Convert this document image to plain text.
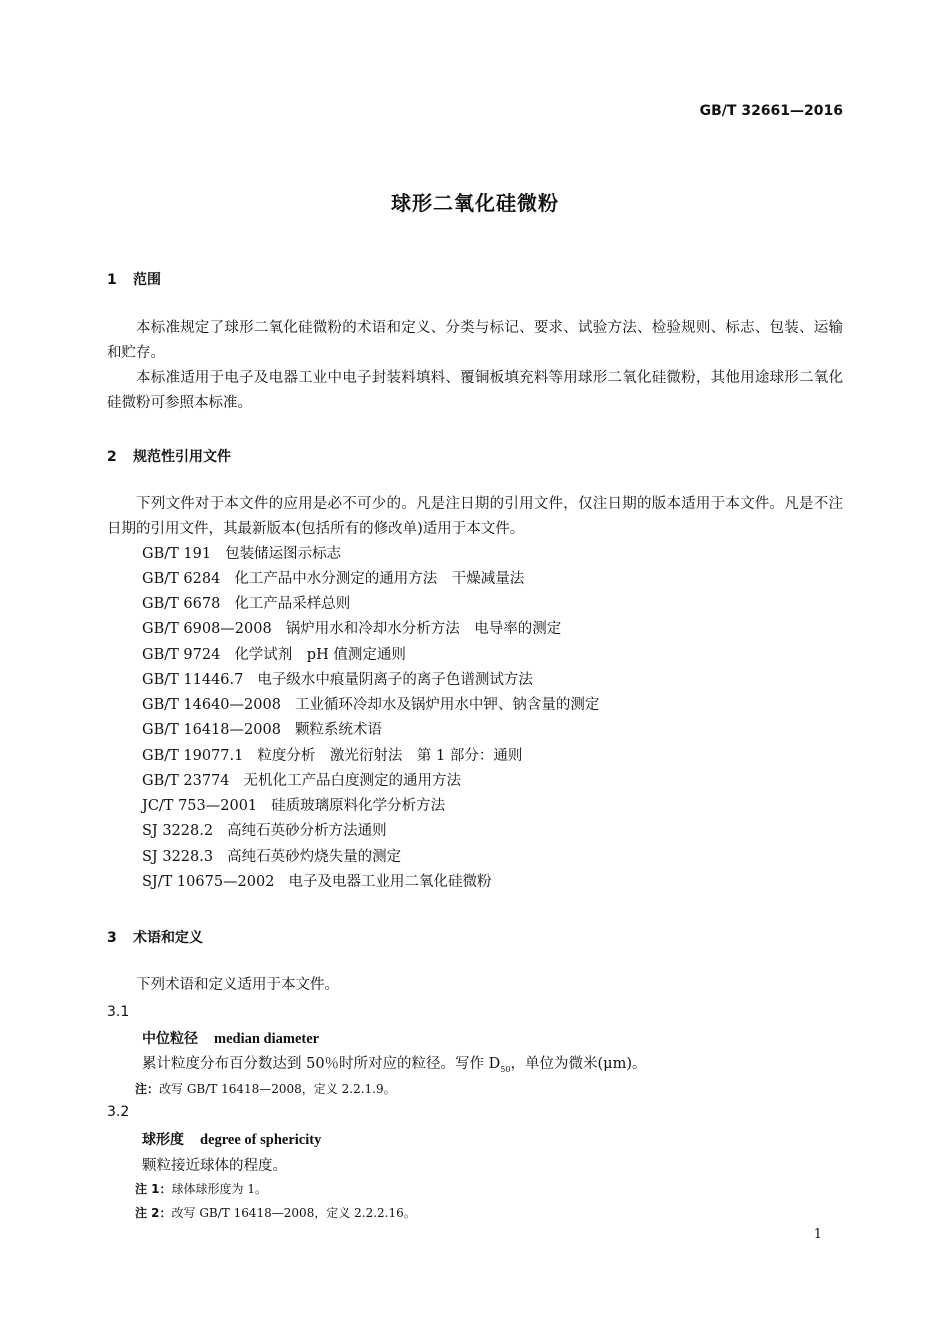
GB/T 32661—2016
球形二氧化硅微粉
1 范围
本标准规定了球形二氧化硅微粉的术语和定义、分类与标记、要求、试验方法、检验规则、标志、包装、运输和贮存。
本标准适用于电子及电器工业中电子封装料填料、覆铜板填充料等用球形二氧化硅微粉，其他用途球形二氧化硅微粉可参照本标准。
2 规范性引用文件
下列文件对于本文件的应用是必不可少的。凡是注日期的引用文件，仅注日期的版本适用于本文件。凡是不注日期的引用文件，其最新版本(包括所有的修改单)适用于本文件。
GB/T 191 包装储运图示标志
GB/T 6284 化工产品中水分测定的通用方法　干燥减量法
GB/T 6678 化工产品采样总则
GB/T 6908—2008 锅炉用水和冷却水分析方法　电导率的测定
GB/T 9724 化学试剂　pH 值测定通则
GB/T 11446.7 电子级水中痕量阴离子的离子色谱测试方法
GB/T 14640—2008 工业循环冷却水及锅炉用水中钾、钠含量的测定
GB/T 16418—2008 颗粒系统术语
GB/T 19077.1 粒度分析　激光衍射法　第 1 部分：通则
GB/T 23774 无机化工产品白度测定的通用方法
JC/T 753—2001 硅质玻璃原料化学分析方法
SJ 3228.2 高纯石英砂分析方法通则
SJ 3228.3 高纯石英砂灼烧失量的测定
SJ/T 10675—2002 电子及电器工业用二氧化硅微粉
3 术语和定义
下列术语和定义适用于本文件。
3.1
中位粒径 median diameter
累计粒度分布百分数达到 50％时所对应的粒径。写作 $D_{50}$，单位为微米(μm)。
注：改写 GB/T 16418—2008，定义 2.2.1.9。
3.2
球形度 degree of sphericity
颗粒接近球体的程度。
注 1：球体球形度为 1。
注 2：改写 GB/T 16418—2008，定义 2.2.2.16。
1
